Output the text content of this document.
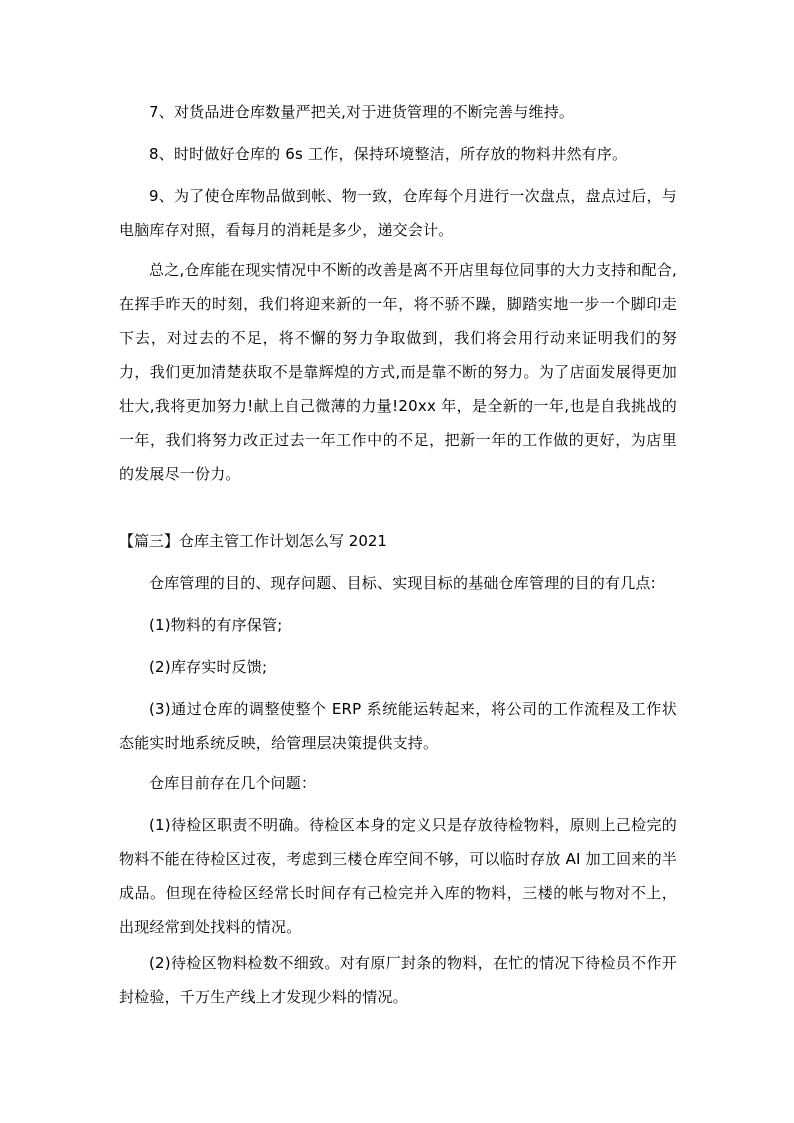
7、对货品进仓库数量严把关,对于进货管理的不断完善与维持。

8、时时做好仓库的 6s 工作，保持环境整洁，所存放的物料井然有序。

9、为了使仓库物品做到帐、物一致，仓库每个月进行一次盘点，盘点过后，与电脑库存对照，看每月的消耗是多少，递交会计。

总之,仓库能在现实情况中不断的改善是离不开店里每位同事的大力支持和配合,在挥手昨天的时刻，我们将迎来新的一年，将不骄不躁，脚踏实地一步一个脚印走下去，对过去的不足，将不懈的努力争取做到，我们将会用行动来证明我们的努力，我们更加清楚获取不是靠辉煌的方式,而是靠不断的努力。为了店面发展得更加壮大,我将更加努力!献上自己微薄的力量!20xx 年，是全新的一年,也是自我挑战的一年，我们将努力改正过去一年工作中的不足，把新一年的工作做的更好，为店里的发展尽一份力。

【篇三】仓库主管工作计划怎么写 2021

仓库管理的目的、现存问题、目标、实现目标的基础仓库管理的目的有几点:

(1)物料的有序保管;

(2)库存实时反馈;

(3)通过仓库的调整使整个 ERP 系统能运转起来，将公司的工作流程及工作状态能实时地系统反映，给管理层决策提供支持。

仓库目前存在几个问题：

(1)待检区职责不明确。待检区本身的定义只是存放待检物料，原则上己检完的物料不能在待检区过夜，考虑到三楼仓库空间不够，可以临时存放 AI 加工回来的半成品。但现在待检区经常长时间存有己检完并入库的物料，三楼的帐与物对不上，出现经常到处找料的情况。

(2)待检区物料检数不细致。对有原厂封条的物料，在忙的情况下待检员不作开封检验，千万生产线上才发现少料的情况。
